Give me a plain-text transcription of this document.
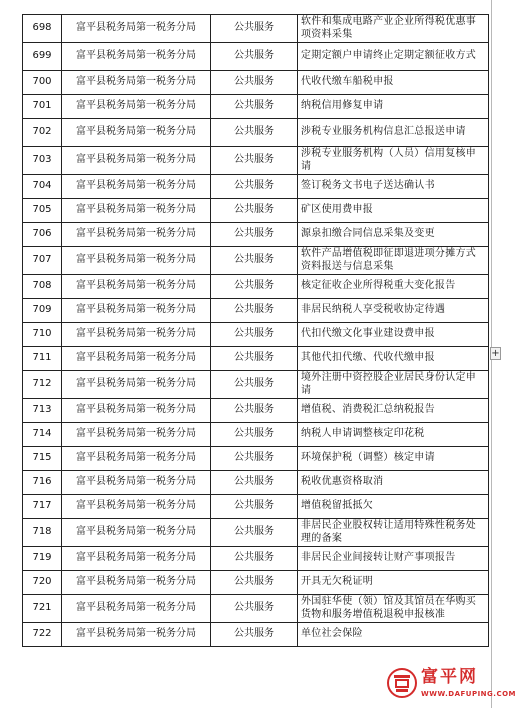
698	富平县税务局第一税务分局	公共服务	软件和集成电路产业企业所得税优惠事项资料采集
699	富平县税务局第一税务分局	公共服务	定期定额户申请终止定期定额征收方式
700	富平县税务局第一税务分局	公共服务	代收代缴车船税申报
701	富平县税务局第一税务分局	公共服务	纳税信用修复申请
702	富平县税务局第一税务分局	公共服务	涉税专业服务机构信息汇总报送申请
703	富平县税务局第一税务分局	公共服务	涉税专业服务机构（人员）信用复核申请
704	富平县税务局第一税务分局	公共服务	签订税务文书电子送达确认书
705	富平县税务局第一税务分局	公共服务	矿区使用费申报
706	富平县税务局第一税务分局	公共服务	源泉扣缴合同信息采集及变更
707	富平县税务局第一税务分局	公共服务	软件产品增值税即征即退进项分摊方式资料报送与信息采集
708	富平县税务局第一税务分局	公共服务	核定征收企业所得税重大变化报告
709	富平县税务局第一税务分局	公共服务	非居民纳税人享受税收协定待遇
710	富平县税务局第一税务分局	公共服务	代扣代缴文化事业建设费申报
711	富平县税务局第一税务分局	公共服务	其他代扣代缴、代收代缴申报
712	富平县税务局第一税务分局	公共服务	境外注册中资控股企业居民身份认定申请
713	富平县税务局第一税务分局	公共服务	增值税、消费税汇总纳税报告
714	富平县税务局第一税务分局	公共服务	纳税人申请调整核定印花税
715	富平县税务局第一税务分局	公共服务	环境保护税（调整）核定申请
716	富平县税务局第一税务分局	公共服务	税收优惠资格取消
717	富平县税务局第一税务分局	公共服务	增值税留抵抵欠
718	富平县税务局第一税务分局	公共服务	非居民企业股权转让适用特殊性税务处理的备案
719	富平县税务局第一税务分局	公共服务	非居民企业间接转让财产事项报告
720	富平县税务局第一税务分局	公共服务	开具无欠税证明
721	富平县税务局第一税务分局	公共服务	外国驻华使（领）馆及其馆员在华购买货物和服务增值税退税申报核准
722	富平县税务局第一税务分局	公共服务	单位社会保险
+
富平网
WWW.DAFUPING.COM
